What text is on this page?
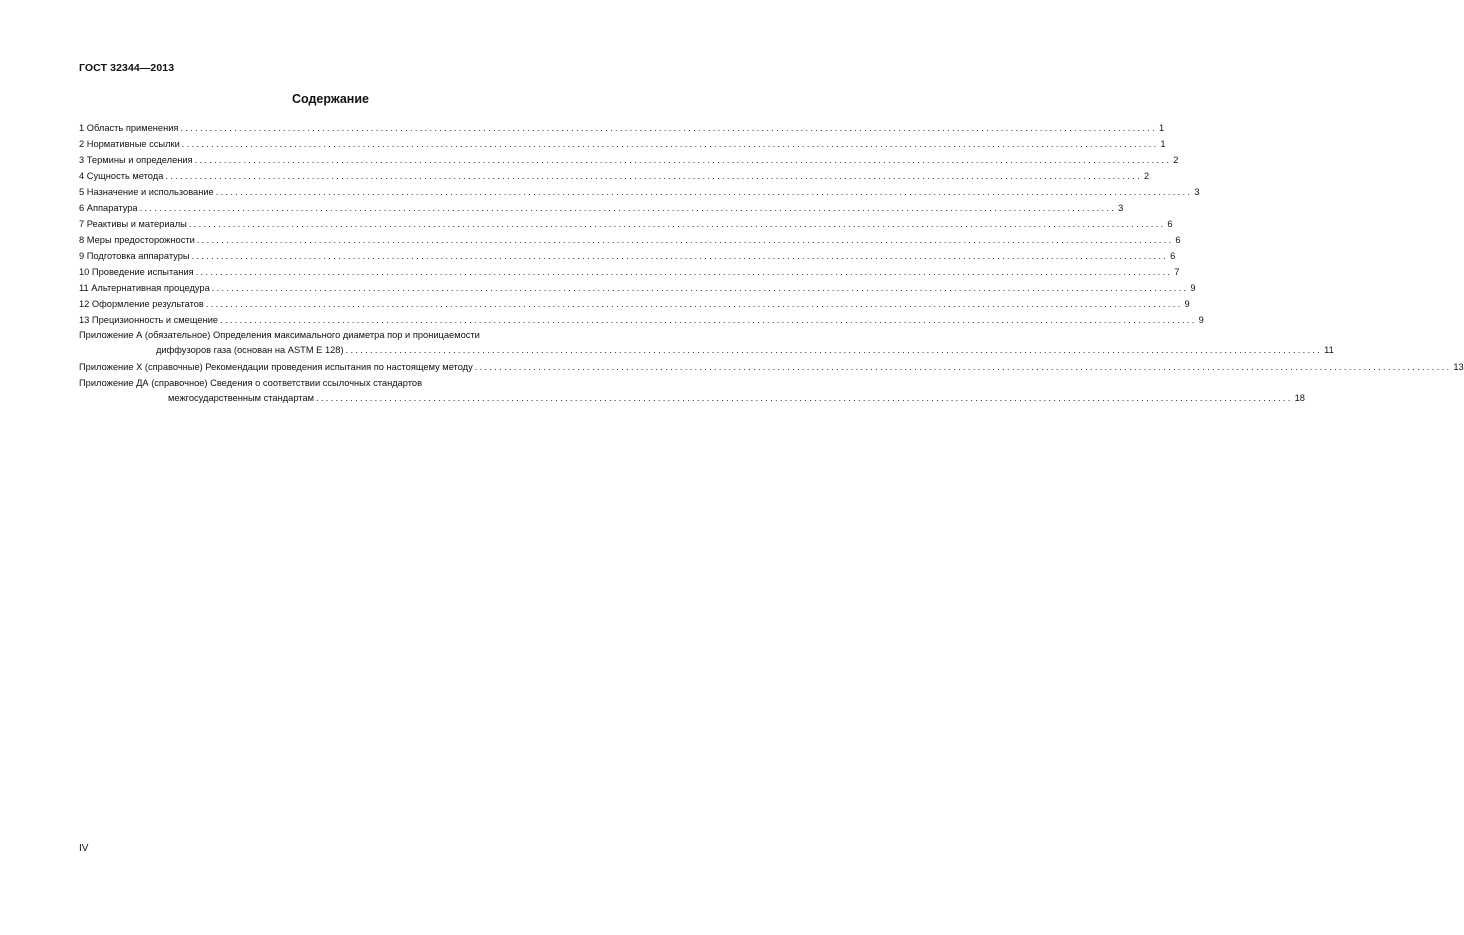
ГОСТ 32344—2013
Содержание
1 Область применения ........................................................................................................................................................................................................ 1
2 Нормативные ссылки ........................................................................................................................................................................................................ 1
3 Термины и определения ........................................................................................................................................................................................................ 2
4 Сущность метода ........................................................................................................................................................................................................ 2
5 Назначение и использование ........................................................................................................................................................................................................ 3
6 Аппаратура ........................................................................................................................................................................................................ 3
7 Реактивы и материалы ........................................................................................................................................................................................................ 6
8 Меры предосторожности ........................................................................................................................................................................................................ 6
9 Подготовка аппаратуры ........................................................................................................................................................................................................ 6
10 Проведение испытания ........................................................................................................................................................................................................ 7
11 Альтернативная процедура ........................................................................................................................................................................................................ 9
12 Оформление результатов ........................................................................................................................................................................................................ 9
13 Прецизионность и смещение ........................................................................................................................................................................................................ 9
Приложение А (обязательное) Определения максимального диаметра пор и проницаемости
диффузоров газа (основан на ASTM E 128) ........................................................................................................................................................................................................ 11
Приложение X (справочные) Рекомендации проведения испытания по настоящему методу ........................................................................................................................................................................................................ 13
Приложение ДА (справочное) Сведения о соответствии ссылочных стандартов
межгосударственным стандартам ........................................................................................................................................................................................................ 18
IV
